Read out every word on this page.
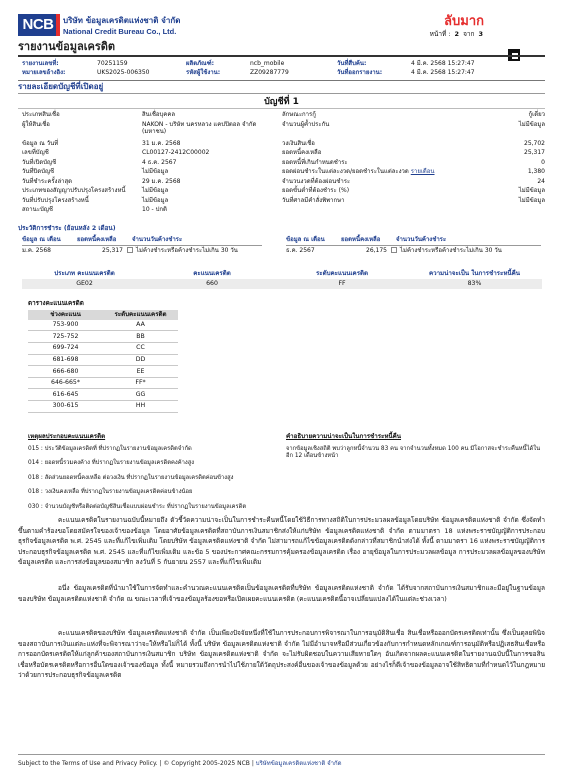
NCB	บริษัท ข้อมูลเครดิตแห่งชาติ จำกัด
National Credit Bureau Co., Ltd.
ลับมาก
หน้าที่ : 2 จาก 3
รายงานข้อมูลเครดิต
รายงานเลขที่:	70251159
หมายเลขอ้างอิง:	UKS2025-006350
ผลิตภัณฑ์:	ncb_mobile
รหัสผู้ใช้งาน:	ZZ09287779
วันที่สืบค้น:	4 มี.ค. 2568 15:27:47
วันที่ออกรายงาน:	4 มี.ค. 2568 15:27:47
รายละเอียดบัญชีที่เปิดอยู่
บัญชีที่ 1
ประเภทสินเชื่อ	สินเชื่อบุคคล
ผู้ให้สินเชื่อ	NAKON - บริษัท นครหลวง แคปปิตอล จำกัด (มหาชน)
ข้อมูล ณ วันที่	31 ม.ค. 2568
เลขที่บัญชี	CL00127-2412C00002
วันที่เปิดบัญชี	4 ธ.ค. 2567
วันที่ปิดบัญชี	ไม่มีข้อมูล
วันที่ชำระครั้งล่าสุด	29 ม.ค. 2568
ประเภทของสัญญาปรับปรุงโครงสร้างหนี้	ไม่มีข้อมูล
วันที่ปรับปรุงโครงสร้างหนี้	ไม่มีข้อมูล
สถานะบัญชี	10 - ปกติ
ลักษณะการกู้	กู้เดี่ยว
จำนวนผู้ค้ำประกัน	ไม่มีข้อมูล
วงเงินสินเชื่อ	25,702
ยอดหนี้คงเหลือ	25,317
ยอดหนี้ที่เกินกำหนดชำระ	0
ยอดผ่อนชำระในแต่ละงวด/ยอดชำระในแต่ละงวด รายเดือน	1,380
จำนวนงวดที่ต้องผ่อนชำระ	24
ยอดขั้นต่ำที่ต้องชำระ (%)	ไม่มีข้อมูล
วันที่ศาลมีคำสั่งพิพากษา	ไม่มีข้อมูล
ประวัติการชำระ (ย้อนหลัง 2 เดือน)
ข้อมูล ณ เดือน	ยอดหนี้คงเหลือ	จำนวนวันค้างชำระ
ม.ค. 2568	25,317	ไม่ค้างชำระหรือค้างชำระไม่เกิน 30 วัน
ข้อมูล ณ เดือน	ยอดหนี้คงเหลือ	จำนวนวันค้างชำระ
ธ.ค. 2567	26,175	ไม่ค้างชำระหรือค้างชำระไม่เกิน 30 วัน
ประเภท คะแนนเครดิต	คะแนนเครดิต	ระดับคะแนนเครดิต	ความน่าจะเป็น ในการชำระหนี้คืน
GE02	660	FF	83%
ตารางคะแนนเครดิต
ช่วงคะแนน	ระดับคะแนนเครดิต
753-900	AA
725-752	BB
699-724	CC
681-698	DD
666-680	EE
646-665*	FF*
616-645	GG
300-615	HH
เหตุผลประกอบคะแนนเครดิต
015 : ประวัติข้อมูลเครดิตที่ ที่ปรากฏในรายงานข้อมูลเครดิตจำกัด
014 : ยอดหนี้รวมคงค้าง ที่ปรากฏในรายงานข้อมูลเครดิตคงค้างสูง
018 : สัดส่วนยอดหนี้คงเหลือ ต่อวงเงิน ที่ปรากฏในรายงานข้อมูลเครดิตค่อนข้างสูง
018 : วงเงินคงเหลือ ที่ปรากฏในรายงานข้อมูลเครดิตค่อนข้างน้อย
030 : จำนวนบัญชีหรือติดต่อบัญชีสินเชื่อแบบผ่อนชำระ ที่ปรากฏในรายงานข้อมูลเครดิต
คำอธิบายความน่าจะเป็นในการชำระหนี้คืน
จากข้อมูลเชิงสถิติ พบว่าลูกหนี้จำนวน 83 คน จากจำนวนทั้งหมด 100 คน มีโอกาสจะชำระคืนหนี้ได้ในอีก 12 เดือนข้างหน้า
คะแนนเครดิตในรายงานฉบับนี้หมายถึง ตัวชี้วัดความน่าจะเป็นในการชำระคืนหนี้โดยใช้วิธีการทางสถิติในการประมวลผลข้อมูลโดยบริษัท ข้อมูลเครดิตแห่งชาติ จำกัด ซึ่งจัดทำขึ้นตามคำร้องขอโดยสมัครใจของเจ้าของข้อมูล โดยอาศัยข้อมูลเครดิตที่สถาบันการเงินสมาชิกส่งให้แก่บริษัท ข้อมูลเครดิตแห่งชาติ จำกัด ตามมาตรา 18 แห่งพระราชบัญญัติการประกอบธุรกิจข้อมูลเครดิต พ.ศ. 2545 และที่แก้ไขเพิ่มเติม โดยบริษัท ข้อมูลเครดิตแห่งชาติ จำกัด ไม่สามารถแก้ไขข้อมูลเครดิตดังกล่าวที่สมาชิกนำส่งได้ ทั้งนี้ ตามมาตรา 16 แห่งพระราชบัญญัติการประกอบธุรกิจข้อมูลเครดิต พ.ศ. 2545 และที่แก้ไขเพิ่มเติม และข้อ 5 ของประกาศคณะกรรมการคุ้มครองข้อมูลเครดิต เรื่อง อายุข้อมูลในการประมวลผลข้อมูล การประมวลผลข้อมูลของบริษัทข้อมูลเครดิต และการส่งข้อมูลของสมาชิก ลงวันที่ 5 กันยายน 2557 และที่แก้ไขเพิ่มเติม
อนึ่ง ข้อมูลเครดิตที่นำมาใช้ในการจัดทำและคำนวณคะแนนเครดิตเป็นข้อมูลเครดิตที่บริษัท ข้อมูลเครดิตแห่งชาติ จำกัด ได้รับจากสถาบันการเงินสมาชิกและมีอยู่ในฐานข้อมูลของบริษัท ข้อมูลเครดิตแห่งชาติ จำกัด ณ ขณะเวลาที่เจ้าของข้อมูลร้องขอหรือเปิดเผยคะแนนเครดิต (คะแนนเครดิตนี้อาจเปลี่ยนแปลงได้ในแต่ละช่วงเวลา)
คะแนนเครดิตของบริษัท ข้อมูลเครดิตแห่งชาติ จำกัด เป็นเพียงปัจจัยหนึ่งที่ใช้ในการประกอบการพิจารณาในการอนุมัติสินเชื่อ สินเชื่อหรือออกบัตรเครดิตเท่านั้น ซึ่งเป็นดุลยพินิจของสถาบันการเงินแต่ละแห่งที่จะพิจารณาว่าจะให้หรือไม่ก็ได้ ทั้งนี้ บริษัท ข้อมูลเครดิตแห่งชาติ จำกัด ไม่มีอำนาจหรือมีส่วนเกี่ยวข้องกับการกำหนดหลักเกณฑ์การอนุมัติหรือปฏิเสธสินเชื่อหรือการออกบัตรเครดิตให้แก่ลูกค้าของสถาบันการเงินสมาชิก บริษัท ข้อมูลเครดิตแห่งชาติ จำกัด จะไม่รับผิดชอบในความเสียหายใดๆ อันเกิดจากผลคะแนนเครดิตในรายงานฉบับนี้ในการขอสินเชื่อหรือบัตรเครดิตหรือการอื่นใดของเจ้าของข้อมูล ทั้งนี้ หมายรวมถึงการนำไปใช้ภายใต้วัตถุประสงค์อื่นของเจ้าของข้อมูลด้วย อย่างไรก็ดีเจ้าของข้อมูลอาจใช้สิทธิตามที่กำหนดไว้ในกฎหมายว่าด้วยการประกอบธุรกิจข้อมูลเครดิต
Subject to the Terms of Use and Privacy Policy. | © Copyright 2005-2025 NCB | บริษัทข้อมูลเครดิตแห่งชาติ จำกัด
